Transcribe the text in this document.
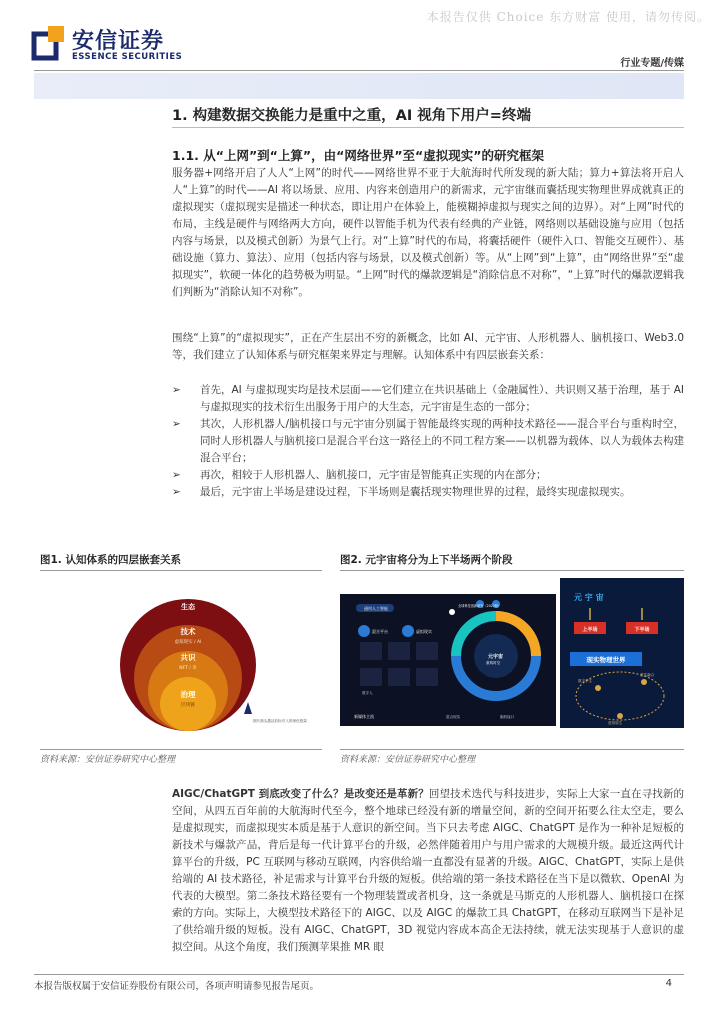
本报告仅供 Choice 东方财富 使用，请勿传阅。
安信证券
ESSENCE SECURITIES
行业专题/传媒
1. 构建数据交换能力是重中之重，AI 视角下用户=终端
1.1. 从“上网”到“上算”，由“网络世界”至“虚拟现实”的研究框架

服务器+网络开启了人人“上网”的时代——网络世界不亚于大航海时代所发现的新大陆；算力+算法将开启人人“上算”的时代——AI 将以场景、应用、内容来创造用户的新需求，元宇宙继而囊括现实物理世界成就真正的虚拟现实（虚拟现实是描述一种状态，即让用户在体验上，能模糊掉虚拟与现实之间的边界）。对“上网”时代的布局，主线是硬件与网络两大方向，硬件以智能手机为代表有经典的产业链，网络则以基础设施与应用（包括内容与场景，以及模式创新）为景气上行。对“上算”时代的布局，将囊括硬件（硬件入口、智能交互硬件）、基础设施（算力、算法）、应用（包括内容与场景，以及模式创新）等。从“上网”到“上算”，由“网络世界”至“虚拟现实”，软硬一体化的趋势极为明显。“上网”时代的爆款逻辑是“消除信息不对称”，“上算”时代的爆款逻辑我们判断为“消除认知不对称”。

围绕“上算”的“虚拟现实”，正在产生层出不穷的新概念，比如 AI、元宇宙、人形机器人、脑机接口、Web3.0 等，我们建立了认知体系与研究框架来界定与理解。认知体系中有四层嵌套关系：

➢ 首先，AI 与虚拟现实均是技术层面——它们建立在共识基础上（金融属性）、共识则又基于治理，基于 AI 与虚拟现实的技术衍生出服务于用户的大生态，元宇宙是生态的一部分；
➢ 其次，人形机器人/脑机接口与元宇宙分别属于智能最终实现的两种技术路径——混合平台与重构时空，同时人形机器人与脑机接口是混合平台这一路径上的不同工程方案——以机器为载体、以人为载体去构建混合平台；
➢ 再次，相较于人形机器人、脑机接口，元宇宙是智能真正实现的内在部分；
➢ 最后，元宇宙上半场是建设过程，下半场则是囊括现实物理世界的过程，最终实现虚拟现实。
图1. 认知体系的四层嵌套关系
生态
技术
虚拟现实 / AI
共识
NFT / 币
治理
区块链
图片箭头激活后标引入的深化框架
资料来源：安信证券研究中心整理
图2. 元宇宙将分为上下半场两个阶段
通用人工智能	全球科技创新研发（2023版）
混合平台	虚拟现实
元宇宙
重构时空
数字人
新媒体主流	混合现实	脑机接口
元 宇 宙
上半场	下半场
现实物理世界
数字孪生
虚实融合
虚拟原生
资料来源：安信证券研究中心整理

AIGC/ChatGPT 到底改变了什么？是改变还是革新？回望技术迭代与科技进步，实际上大家一直在寻找新的空间，从四五百年前的大航海时代至今，整个地球已经没有新的增量空间，新的空间开拓要么往太空走，要么是虚拟现实，而虚拟现实本质是基于人意识的新空间。当下只去考虑 AIGC、ChatGPT 是作为一种补足短板的新技术与爆款产品，背后是每一代计算平台的升级，必然伴随着用户与用户需求的大规模升级。最近这两代计算平台的升级，PC 互联网与移动互联网，内容供给端一直都没有显著的升级。AIGC、ChatGPT，实际上是供给端的 AI 技术路径，补足需求与计算平台升级的短板。供给端的第一条技术路径在当下是以微软、OpenAI 为代表的大模型。第二条技术路径要有一个物理装置或者机身，这一条就是马斯克的人形机器人、脑机接口在探索的方向。实际上，大模型技术路径下的 AIGC、以及 AIGC 的爆款工具 ChatGPT，在移动互联网当下是补足了供给端升级的短板。没有 AIGC、ChatGPT，3D 视觉内容成本高企无法持续，就无法实现基于人意识的虚拟空间。从这个角度，我们预测苹果推 MR 眼

本报告版权属于安信证券股份有限公司，各项声明请参见报告尾页。	4
